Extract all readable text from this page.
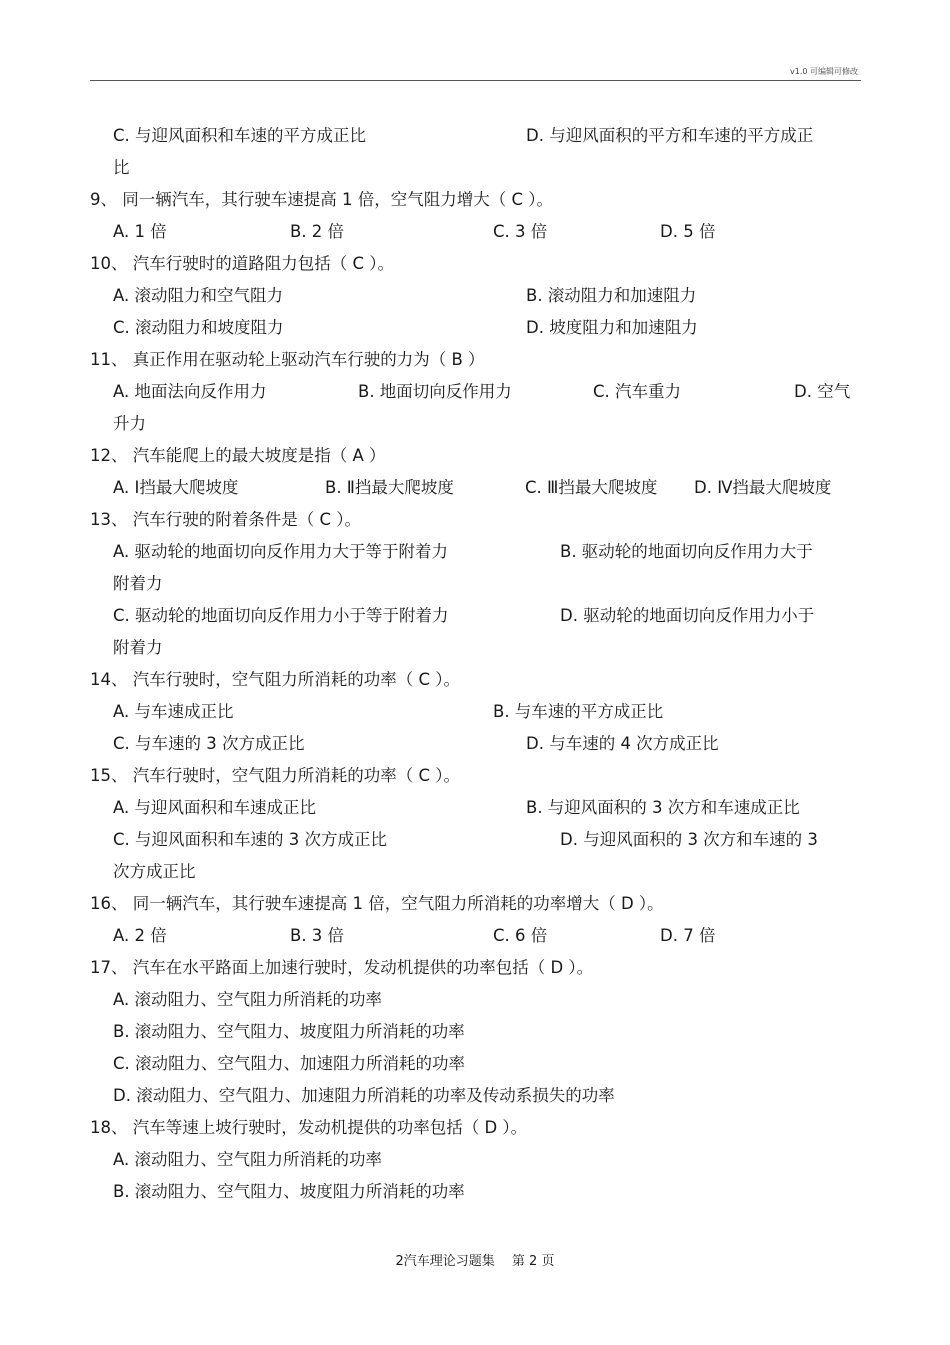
v1.0 可编辑可修改
C. 与迎风面积和车速的平方成正比	D. 与迎风面积的平方和车速的平方成正
比
9、 同一辆汽车，其行驶车速提高 1 倍，空气阻力增大（ C ）。
A. 1 倍	B. 2 倍	C. 3 倍	D. 5 倍
10、 汽车行驶时的道路阻力包括（ C ）。
A. 滚动阻力和空气阻力	B. 滚动阻力和加速阻力
C. 滚动阻力和坡度阻力	D. 坡度阻力和加速阻力
11、 真正作用在驱动轮上驱动汽车行驶的力为（ B ）
A. 地面法向反作用力	B. 地面切向反作用力	C. 汽车重力	D. 空气
升力
12、 汽车能爬上的最大坡度是指（ A ）
A. Ⅰ挡最大爬坡度	B. Ⅱ挡最大爬坡度	C. Ⅲ挡最大爬坡度 D. Ⅳ挡最大爬坡度
13、 汽车行驶的附着条件是（ C ）。
A. 驱动轮的地面切向反作用力大于等于附着力	B. 驱动轮的地面切向反作用力大于
附着力
C. 驱动轮的地面切向反作用力小于等于附着力	D. 驱动轮的地面切向反作用力小于
附着力
14、 汽车行驶时，空气阻力所消耗的功率（ C ）。
A. 与车速成正比	B. 与车速的平方成正比
C. 与车速的 3 次方成正比	D. 与车速的 4 次方成正比
15、 汽车行驶时，空气阻力所消耗的功率（ C ）。
A. 与迎风面积和车速成正比	B. 与迎风面积的 3 次方和车速成正比
C. 与迎风面积和车速的 3 次方成正比	D. 与迎风面积的 3 次方和车速的 3
次方成正比
16、 同一辆汽车，其行驶车速提高 1 倍，空气阻力所消耗的功率增大（ D ）。
A. 2 倍	B. 3 倍	C. 6 倍	D. 7 倍
17、 汽车在水平路面上加速行驶时，发动机提供的功率包括（ D ）。
A. 滚动阻力、空气阻力所消耗的功率
B. 滚动阻力、空气阻力、坡度阻力所消耗的功率
C. 滚动阻力、空气阻力、加速阻力所消耗的功率
D. 滚动阻力、空气阻力、加速阻力所消耗的功率及传动系损失的功率
18、 汽车等速上坡行驶时，发动机提供的功率包括（ D ）。
A. 滚动阻力、空气阻力所消耗的功率
B. 滚动阻力、空气阻力、坡度阻力所消耗的功率
2汽车理论习题集　 第 2 页
